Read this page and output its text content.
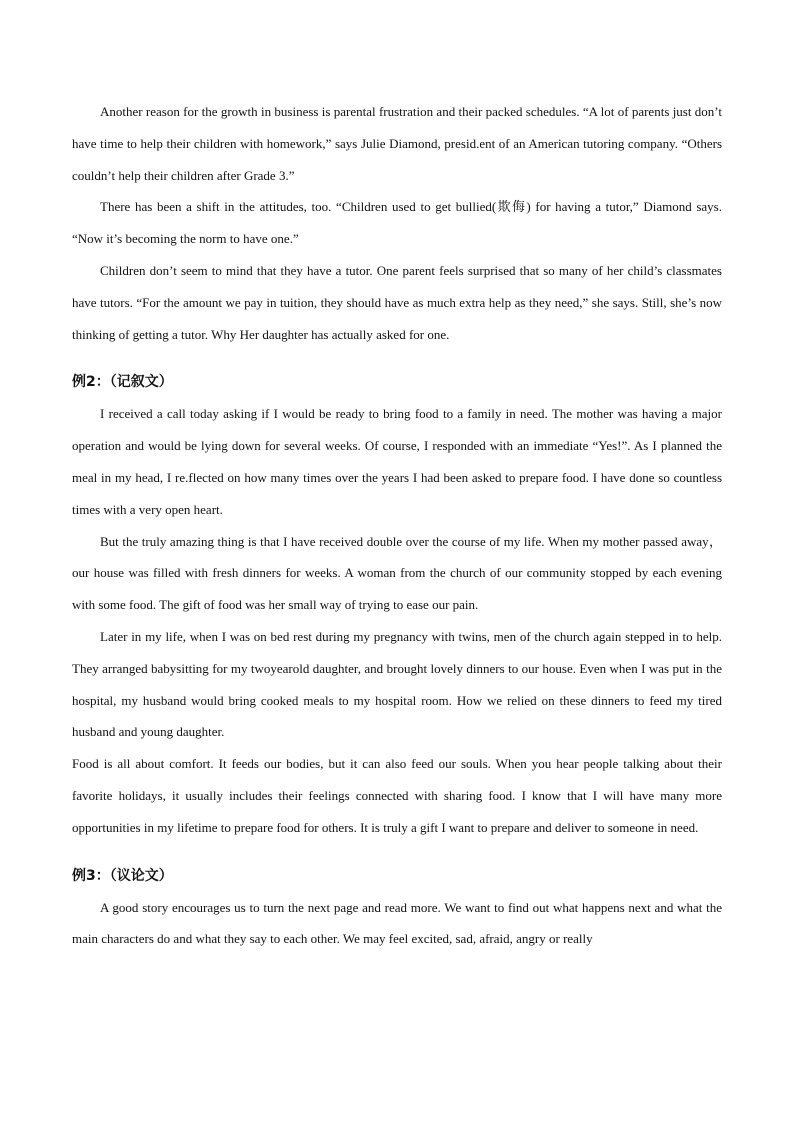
Another reason for the growth in business is parental frustration and their packed schedules. “A lot of parents just don’t have time to help their children with homework,” says Julie Diamond, presid.ent of an American tutoring company. “Others couldn’t help their children after Grade 3.”

There has been a shift in the attitudes, too. “Children used to get bullied(欺侮) for having a tutor,” Diamond says. “Now it’s becoming the norm to have one.”

Children don’t seem to mind that they have a tutor. One parent feels surprised that so many of her child’s classmates have tutors. “For the amount we pay in tuition, they should have as much extra help as they need,” she says. Still, she’s now thinking of getting a tutor. Why Her daughter has actually asked for one.

例2：（记叙文）

I received a call today asking if I would be ready to bring food to a family in need. The mother was having a major operation and would be lying down for several weeks. Of course, I responded with an immediate “Yes!”. As I planned the meal in my head, I re.flected on how many times over the years I had been asked to prepare food. I have done so countless times with a very open heart.

But the truly amazing thing is that I have received double over the course of my life. When my mother passed away，our house was filled with fresh dinners for weeks. A woman from the church of our community stopped by each evening with some food. The gift of food was her small way of trying to ease our pain.

Later in my life, when I was on bed rest during my pregnancy with twins, men of the church again stepped in to help. They arranged babysitting for my twoyearold daughter, and brought lovely dinners to our house. Even when I was put in the hospital, my husband would bring cooked meals to my hospital room. How we relied on these dinners to feed my tired husband and young daughter.

Food is all about comfort. It feeds our bodies, but it can also feed our souls. When you hear people talking about their favorite holidays, it usually includes their feelings connected with sharing food. I know that I will have many more opportunities in my lifetime to prepare food for others. It is truly a gift I want to prepare and deliver to someone in need.

例3：（议论文）

A good story encourages us to turn the next page and read more. We want to find out what happens next and what the main characters do and what they say to each other. We may feel excited, sad, afraid, angry or really
